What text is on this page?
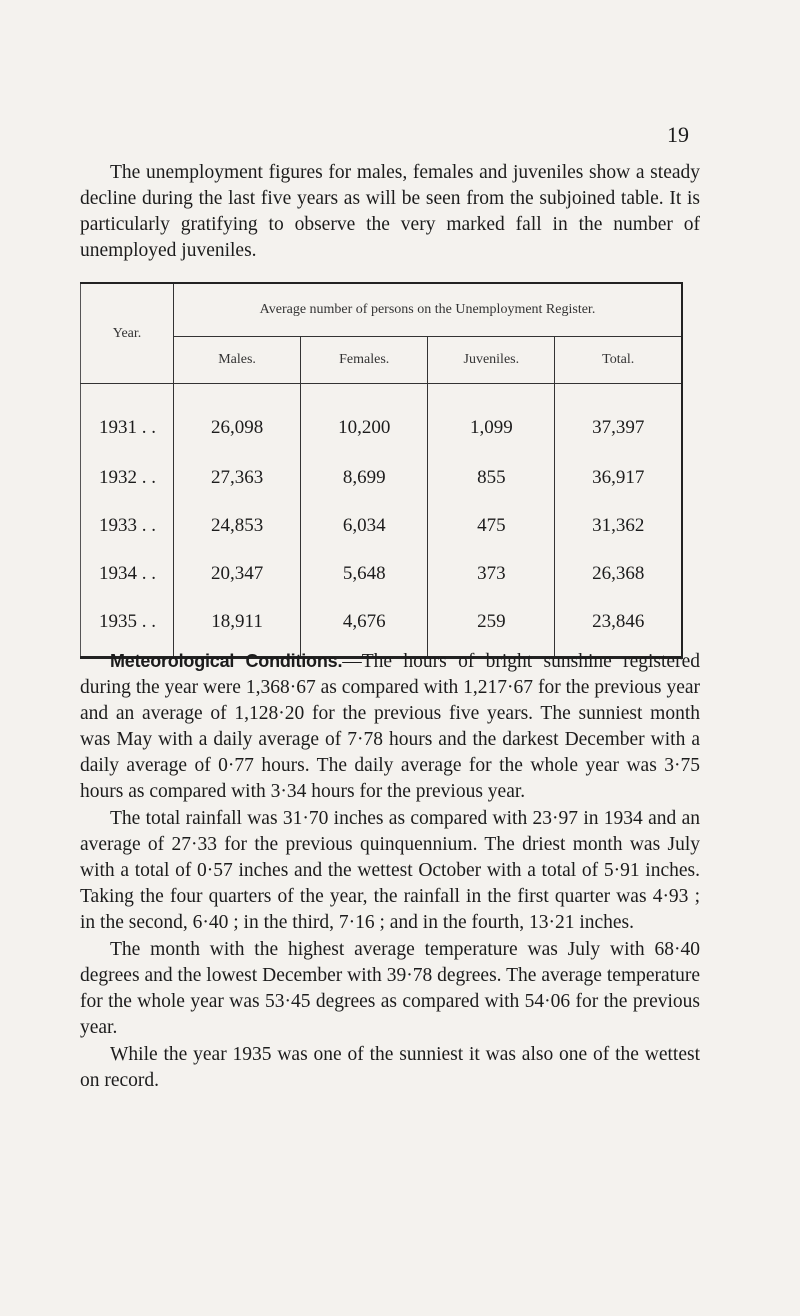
19

The unemployment figures for males, females and juveniles show a steady decline during the last five years as will be seen from the subjoined table. It is particularly gratifying to observe the very marked fall in the number of unemployed juveniles.

Year.	Average number of persons on the Unemployment Register.			
	Males.	Females.	Juveniles.	Total.
1931 . .	26,098	10,200	1,099	37,397
1932 . .	27,363	8,699	855	36,917
1933 . .	24,853	6,034	475	31,362
1934 . .	20,347	5,648	373	26,368
1935 . .	18,911	4,676	259	23,846

Meteorological Conditions.—The hours of bright sunshine registered during the year were 1,368·67 as compared with 1,217·67 for the previous year and an average of 1,128·20 for the previous five years. The sunniest month was May with a daily average of 7·78 hours and the darkest December with a daily average of 0·77 hours. The daily average for the whole year was 3·75 hours as compared with 3·34 hours for the previous year.

The total rainfall was 31·70 inches as compared with 23·97 in 1934 and an average of 27·33 for the previous quinquennium. The driest month was July with a total of 0·57 inches and the wettest October with a total of 5·91 inches. Taking the four quarters of the year, the rainfall in the first quarter was 4·93 ; in the second, 6·40 ; in the third, 7·16 ; and in the fourth, 13·21 inches.

The month with the highest average temperature was July with 68·40 degrees and the lowest December with 39·78 degrees. The average temperature for the whole year was 53·45 degrees as compared with 54·06 for the previous year.

While the year 1935 was one of the sunniest it was also one of the wettest on record.
